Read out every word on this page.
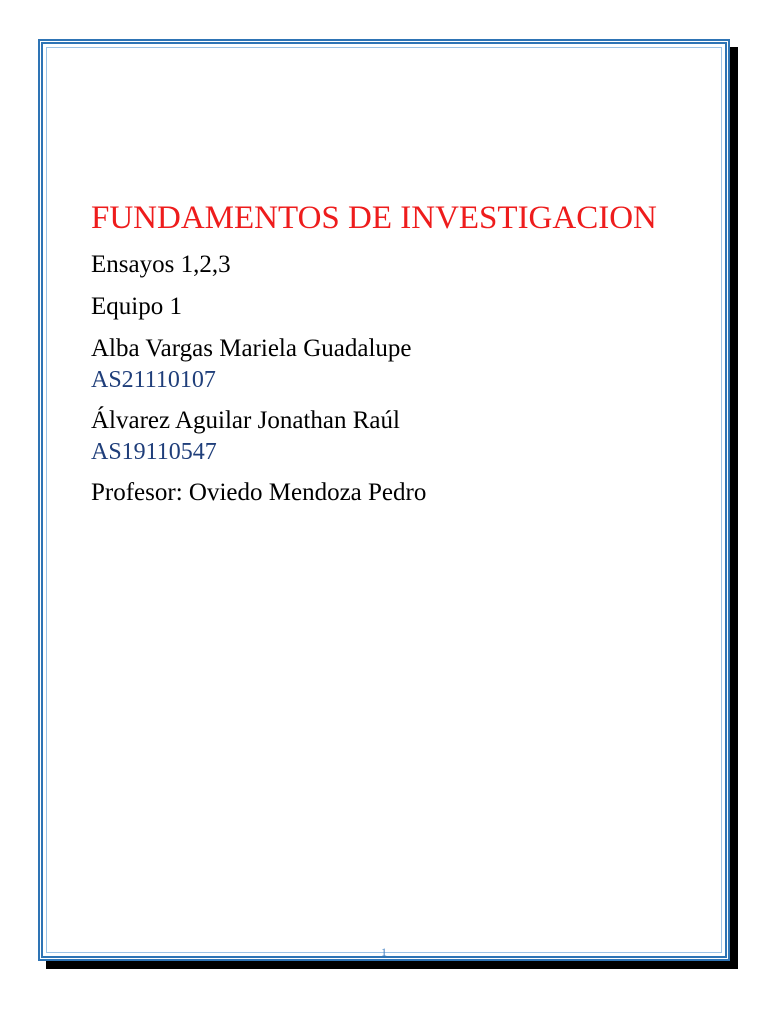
FUNDAMENTOS DE INVESTIGACION
Ensayos 1,2,3
Equipo 1
Alba Vargas Mariela Guadalupe
AS21110107
Álvarez Aguilar Jonathan Raúl
AS19110547
Profesor: Oviedo Mendoza Pedro
1
